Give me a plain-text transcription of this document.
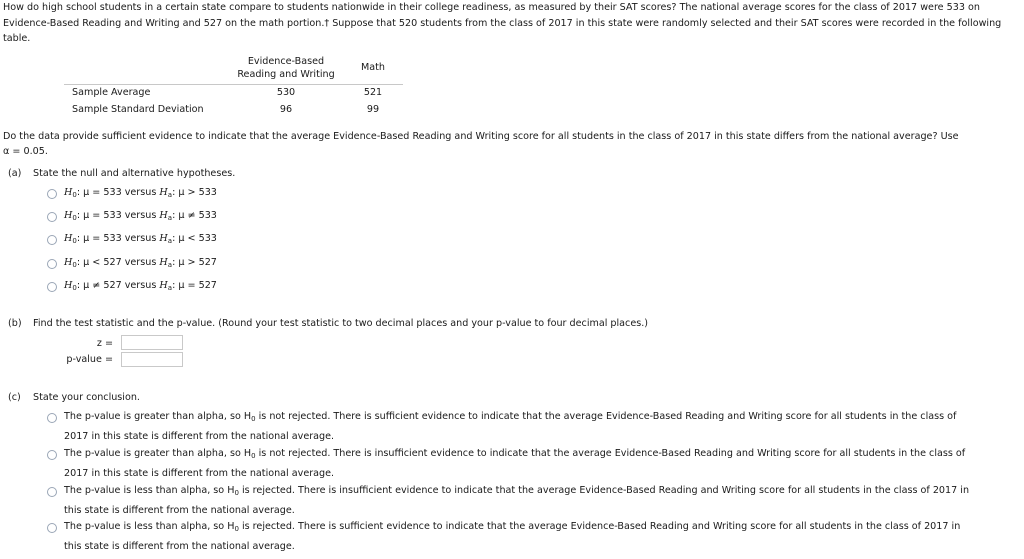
How do high school students in a certain state compare to students nationwide in their college readiness, as measured by their SAT scores? The national average scores for the class of 2017 were 533 on Evidence-Based Reading and Writing and 527 on the math portion.† Suppose that 520 students from the class of 2017 in this state were randomly selected and their SAT scores were recorded in the following table.
	Evidence-Based Reading and Writing	Math
Sample Average	530	521
Sample Standard Deviation	96	99
Do the data provide sufficient evidence to indicate that the average Evidence-Based Reading and Writing score for all students in the class of 2017 in this state differs from the national average? Use
α = 0.05.
(a) State the null and alternative hypotheses.
$H_0$: μ = 533 versus $H_a$: μ > 533
$H_0$: μ = 533 versus $H_a$: μ ≠ 533
$H_0$: μ = 533 versus $H_a$: μ < 533
$H_0$: μ < 527 versus $H_a$: μ > 527
$H_0$: μ ≠ 527 versus $H_a$: μ = 527
(b) Find the test statistic and the p-value. (Round your test statistic to two decimal places and your p-value to four decimal places.)
z =
p-value =
(c) State your conclusion.
The p-value is greater than alpha, so $H_0$ is not rejected. There is sufficient evidence to indicate that the average Evidence-Based Reading and Writing score for all students in the class of
2017 in this state is different from the national average.
The p-value is greater than alpha, so $H_0$ is not rejected. There is insufficient evidence to indicate that the average Evidence-Based Reading and Writing score for all students in the class of
2017 in this state is different from the national average.
The p-value is less than alpha, so $H_0$ is rejected. There is insufficient evidence to indicate that the average Evidence-Based Reading and Writing score for all students in the class of 2017 in
this state is different from the national average.
The p-value is less than alpha, so $H_0$ is rejected. There is sufficient evidence to indicate that the average Evidence-Based Reading and Writing score for all students in the class of 2017 in
this state is different from the national average.
